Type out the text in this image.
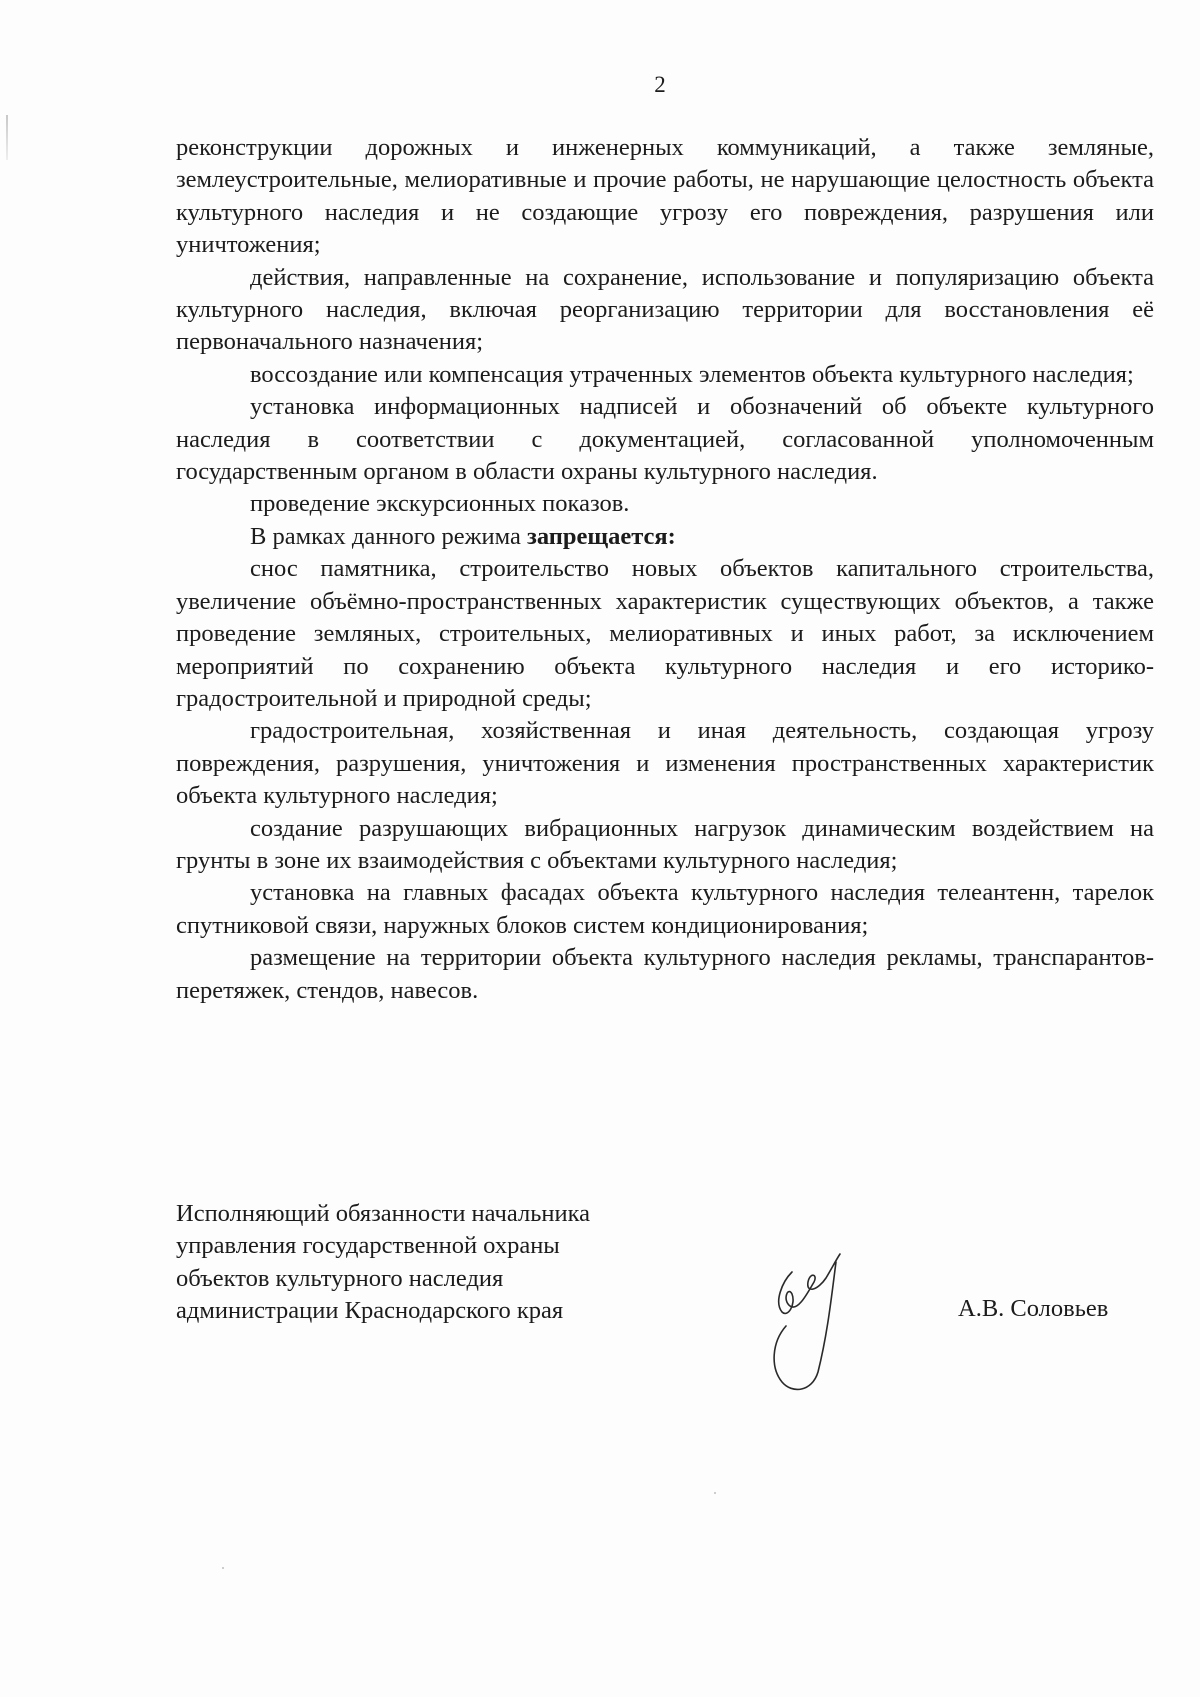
2

реконструкции дорожных и инженерных коммуникаций, а также земляные, землеустроительные, мелиоративные и прочие работы, не нарушающие целостность объекта культурного наследия и не создающие угрозу его повреждения, разрушения или уничтожения;

действия, направленные на сохранение, использование и популяризацию объекта культурного наследия, включая реорганизацию территории для восстановления её первоначального назначения;

воссоздание или компенсация утраченных элементов объекта культурного наследия;

установка информационных надписей и обозначений об объекте культурного наследия в соответствии с документацией, согласованной уполномоченным государственным органом в области охраны культурного наследия.

проведение экскурсионных показов.

В рамках данного режима запрещается:

снос памятника, строительство новых объектов капитального строительства, увеличение объёмно-пространственных характеристик существующих объектов, а также проведение земляных, строительных, мелиоративных и иных работ, за исключением мероприятий по сохранению объекта культурного наследия и его историко-градостроительной и природной среды;

градостроительная, хозяйственная и иная деятельность, создающая угрозу повреждения, разрушения, уничтожения и изменения пространственных характеристик объекта культурного наследия;

создание разрушающих вибрационных нагрузок динамическим воздействием на грунты в зоне их взаимодействия с объектами культурного наследия;

установка на главных фасадах объекта культурного наследия телеантенн, тарелок спутниковой связи, наружных блоков систем кондиционирования;

размещение на территории объекта культурного наследия рекламы, транспарантов-перетяжек, стендов, навесов.

Исполняющий обязанности начальника
управления государственной охраны
объектов культурного наследия
администрации Краснодарского края	А.В. Соловьев
